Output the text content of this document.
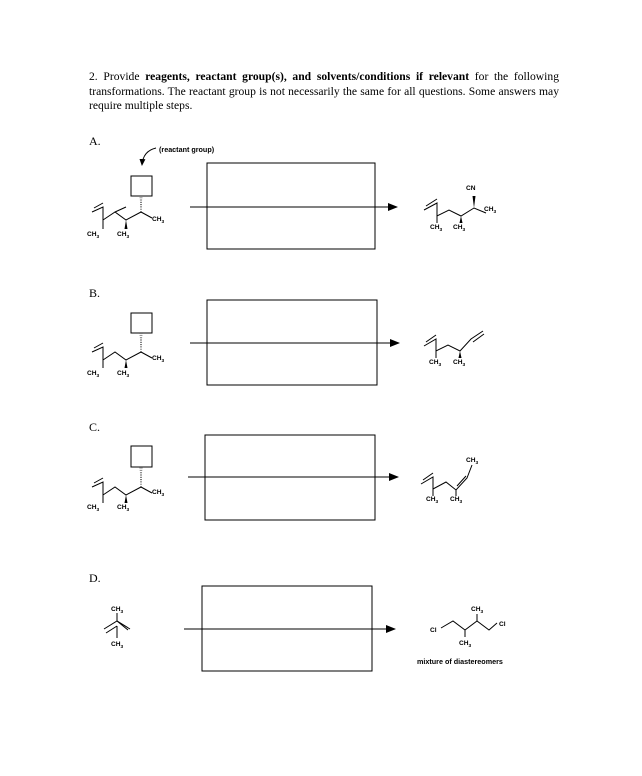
2. Provide reagents, reactant group(s), and solvents/conditions if relevant for the following transformations. The reactant group is not necessarily the same for all questions. Some answers may require multiple steps.
A.
B.
C.
D.
$CH_3$	$CH_3$
$CH_3$
(reactant group)
CN
$CH_3$
$CH_3$ $CH_3$
$CH_3$	$CH_3$
$CH_3$	$CH_3$ $CH_3$
$CH_3$	$CH_3$
$CH_3$
$CH_3$
$CH_3$ $CH_3$
$CH_3$
$CH_3$
$CH_3$
$CH_3$
Cl
Cl
mixture of diastereomers
